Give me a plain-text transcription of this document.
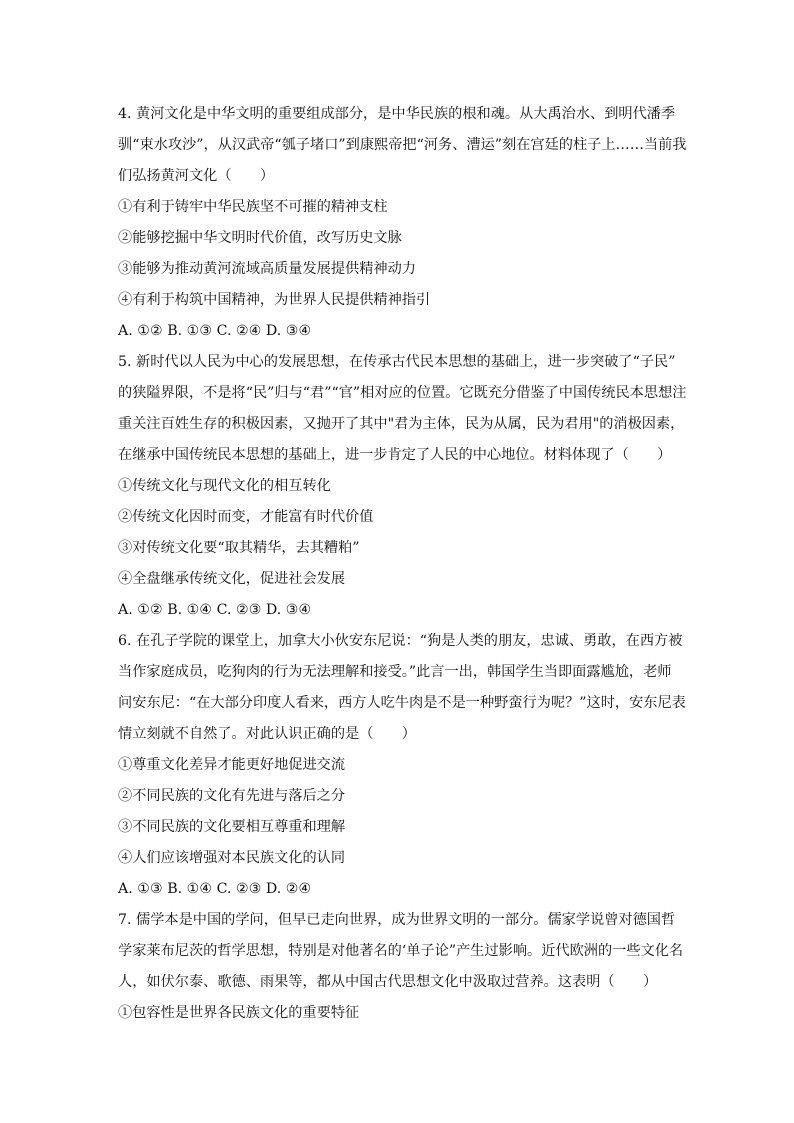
4. 黄河文化是中华文明的重要组成部分，是中华民族的根和魂。从大禹治水、到明代潘季
驯“束水攻沙”，从汉武帝“瓠子堵口”到康熙帝把“河务、漕运”刻在宫廷的柱子上……当前我
们弘扬黄河文化（　　）
①有利于铸牢中华民族坚不可摧的精神支柱
②能够挖掘中华文明时代价值，改写历史文脉
③能够为推动黄河流域高质量发展提供精神动力
④有利于构筑中国精神，为世界人民提供精神指引
A. ①② B. ①③ C. ②④ D. ③④
5. 新时代以人民为中心的发展思想，在传承古代民本思想的基础上，进一步突破了“子民”
的狭隘界限，不是将“民”归与“君”“官”相对应的位置。它既充分借鉴了中国传统民本思想注
重关注百姓生存的积极因素，又抛开了其中"君为主体，民为从属，民为君用"的消极因素，
在继承中国传统民本思想的基础上，进一步肯定了人民的中心地位。材料体现了（　　）
①传统文化与现代文化的相互转化
②传统文化因时而变，才能富有时代价值
③对传统文化要“取其精华，去其糟粕”
④全盘继承传统文化，促进社会发展
A. ①② B. ①④ C. ②③ D. ③④
6. 在孔子学院的课堂上，加拿大小伙安东尼说：“狗是人类的朋友，忠诚、勇敢，在西方被
当作家庭成员，吃狗肉的行为无法理解和接受。”此言一出，韩国学生当即面露尴尬，老师
问安东尼：“在大部分印度人看来，西方人吃牛肉是不是一种野蛮行为呢？”这时，安东尼表
情立刻就不自然了。对此认识正确的是（　　）
①尊重文化差异才能更好地促进交流
②不同民族的文化有先进与落后之分
③不同民族的文化要相互尊重和理解
④人们应该增强对本民族文化的认同
A. ①③ B. ①④ C. ②③ D. ②④
7. 儒学本是中国的学问，但早已走向世界，成为世界文明的一部分。儒家学说曾对德国哲
学家莱布尼茨的哲学思想，特别是对他著名的‘单子论”产生过影响。近代欧洲的一些文化名
人，如伏尔泰、歌德、雨果等，都从中国古代思想文化中汲取过营养。这表明（　　）
①包容性是世界各民族文化的重要特征
